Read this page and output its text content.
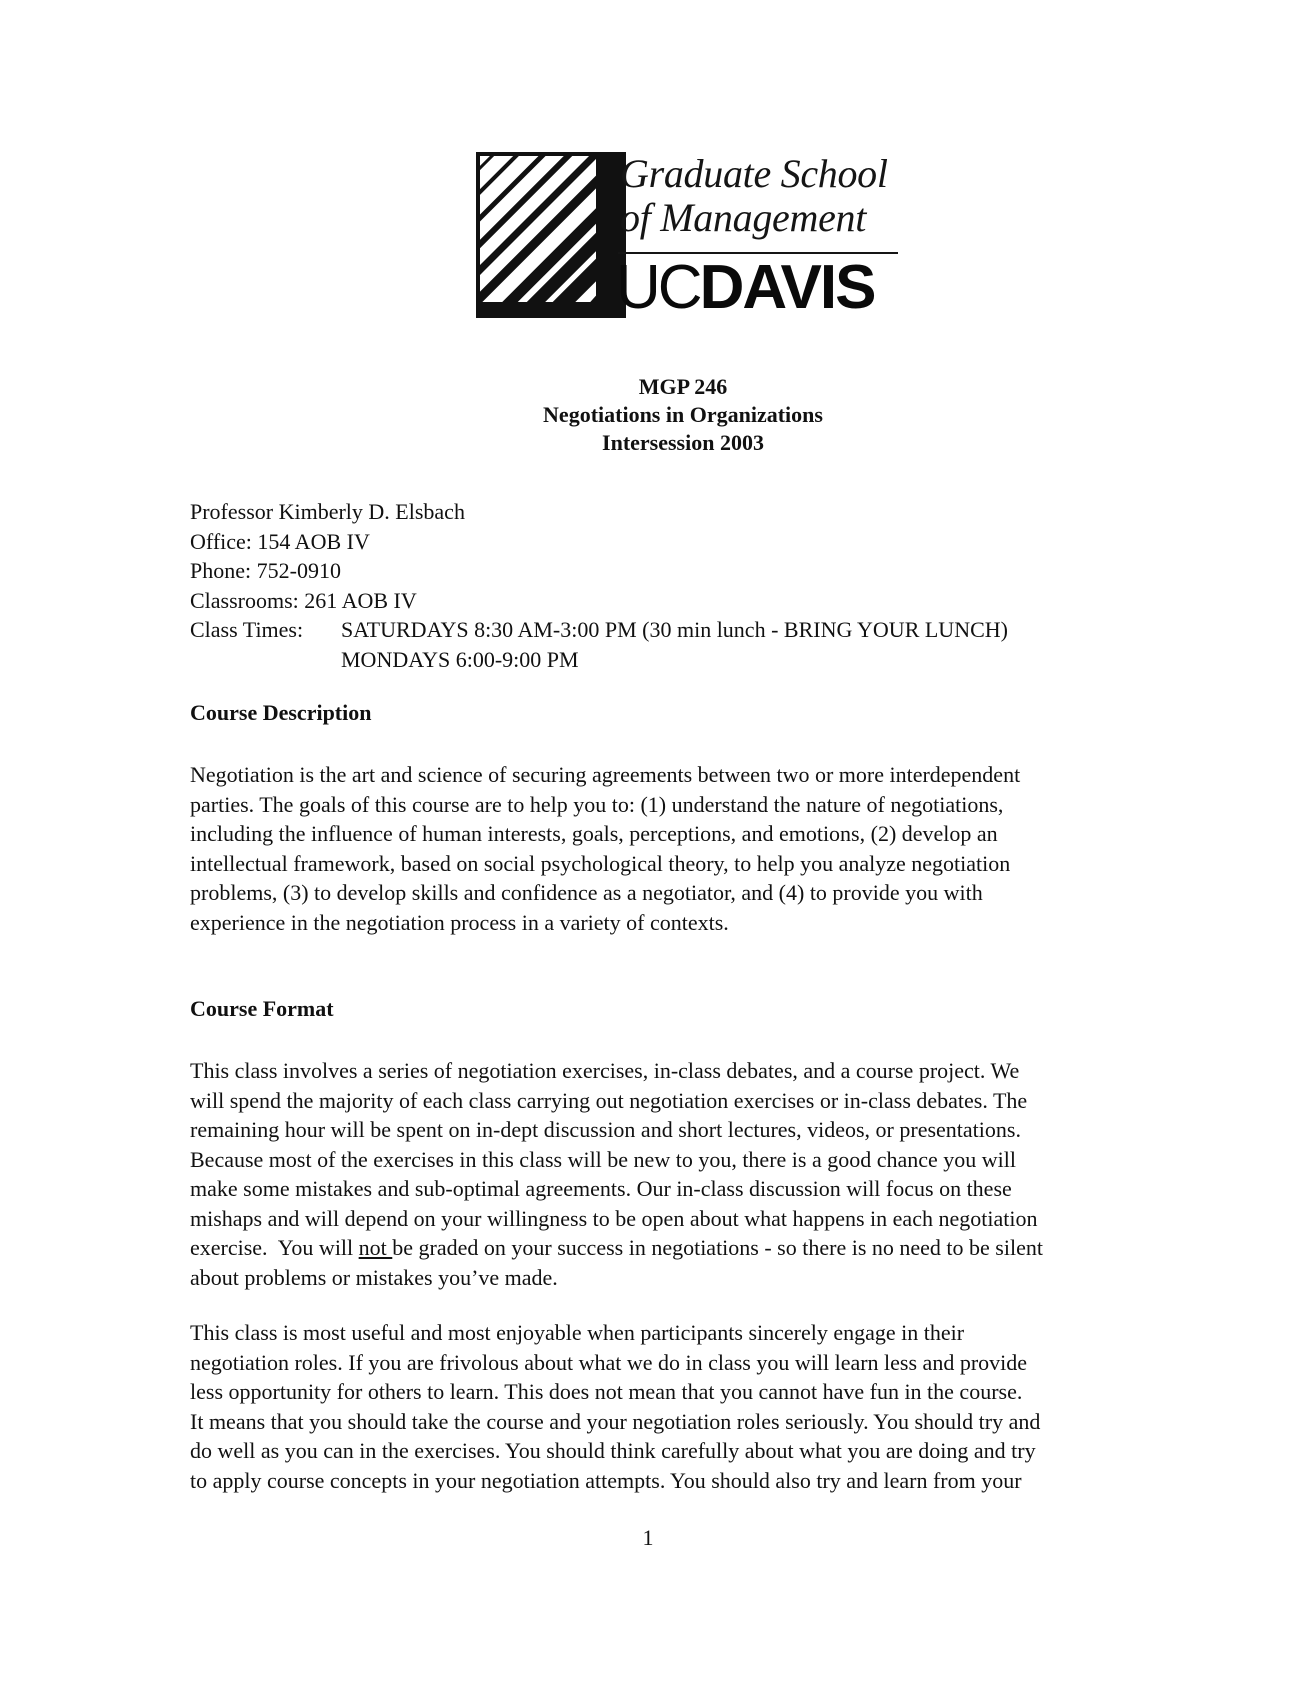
Graduate School
of Management
UCDAVIS
MGP 246
Negotiations in Organizations
Intersession 2003
Professor Kimberly D. Elsbach
Office: 154 AOB IV
Phone: 752-0910
Classrooms: 261 AOB IV
Class Times: SATURDAYS 8:30 AM-3:00 PM (30 min lunch - BRING YOUR LUNCH)
MONDAYS 6:00-9:00 PM
Course Description
Negotiation is the art and science of securing agreements between two or more interdependent
parties. The goals of this course are to help you to: (1) understand the nature of negotiations,
including the influence of human interests, goals, perceptions, and emotions, (2) develop an
intellectual framework, based on social psychological theory, to help you analyze negotiation
problems, (3) to develop skills and confidence as a negotiator, and (4) to provide you with
experience in the negotiation process in a variety of contexts.
Course Format
This class involves a series of negotiation exercises, in-class debates, and a course project. We
will spend the majority of each class carrying out negotiation exercises or in-class debates. The
remaining hour will be spent on in-dept discussion and short lectures, videos, or presentations.
Because most of the exercises in this class will be new to you, there is a good chance you will
make some mistakes and sub-optimal agreements. Our in-class discussion will focus on these
mishaps and will depend on your willingness to be open about what happens in each negotiation
exercise.  You will not be graded on your success in negotiations - so there is no need to be silent
about problems or mistakes you’ve made.
This class is most useful and most enjoyable when participants sincerely engage in their
negotiation roles. If you are frivolous about what we do in class you will learn less and provide
less opportunity for others to learn. This does not mean that you cannot have fun in the course.
It means that you should take the course and your negotiation roles seriously. You should try and
do well as you can in the exercises. You should think carefully about what you are doing and try
to apply course concepts in your negotiation attempts. You should also try and learn from your
1
